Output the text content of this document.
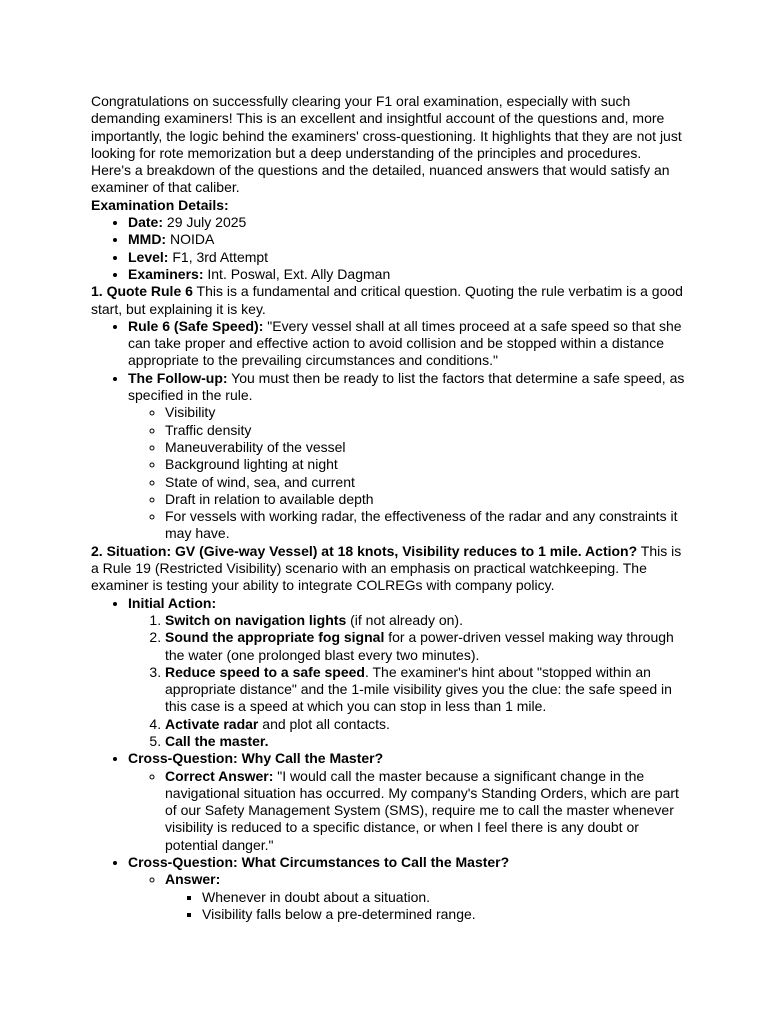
Congratulations on successfully clearing your F1 oral examination, especially with such demanding examiners! This is an excellent and insightful account of the questions and, more importantly, the logic behind the examiners' cross-questioning. It highlights that they are not just looking for rote memorization but a deep understanding of the principles and procedures.

Here's a breakdown of the questions and the detailed, nuanced answers that would satisfy an examiner of that caliber.

Examination Details:

• Date: 29 July 2025
• MMD: NOIDA
• Level: F1, 3rd Attempt
• Examiners: Int. Poswal, Ext. Ally Dagman

1. Quote Rule 6 This is a fundamental and critical question. Quoting the rule verbatim is a good start, but explaining it is key.

• Rule 6 (Safe Speed): "Every vessel shall at all times proceed at a safe speed so that she can take proper and effective action to avoid collision and be stopped within a distance appropriate to the prevailing circumstances and conditions."
• The Follow-up: You must then be ready to list the factors that determine a safe speed, as specified in the rule.
◦ Visibility
◦ Traffic density
◦ Maneuverability of the vessel
◦ Background lighting at night
◦ State of wind, sea, and current
◦ Draft in relation to available depth
◦ For vessels with working radar, the effectiveness of the radar and any constraints it may have.

2. Situation: GV (Give-way Vessel) at 18 knots, Visibility reduces to 1 mile. Action? This is a Rule 19 (Restricted Visibility) scenario with an emphasis on practical watchkeeping. The examiner is testing your ability to integrate COLREGs with company policy.

• Initial Action:
1. Switch on navigation lights (if not already on).
2. Sound the appropriate fog signal for a power-driven vessel making way through the water (one prolonged blast every two minutes).
3. Reduce speed to a safe speed. The examiner's hint about "stopped within an appropriate distance" and the 1-mile visibility gives you the clue: the safe speed in this case is a speed at which you can stop in less than 1 mile.
4. Activate radar and plot all contacts.
5. Call the master.
• Cross-Question: Why Call the Master?
◦ Correct Answer: "I would call the master because a significant change in the navigational situation has occurred. My company's Standing Orders, which are part of our Safety Management System (SMS), require me to call the master whenever visibility is reduced to a specific distance, or when I feel there is any doubt or potential danger."
• Cross-Question: What Circumstances to Call the Master?
◦ Answer:
▪ Whenever in doubt about a situation.
▪ Visibility falls below a pre-determined range.
